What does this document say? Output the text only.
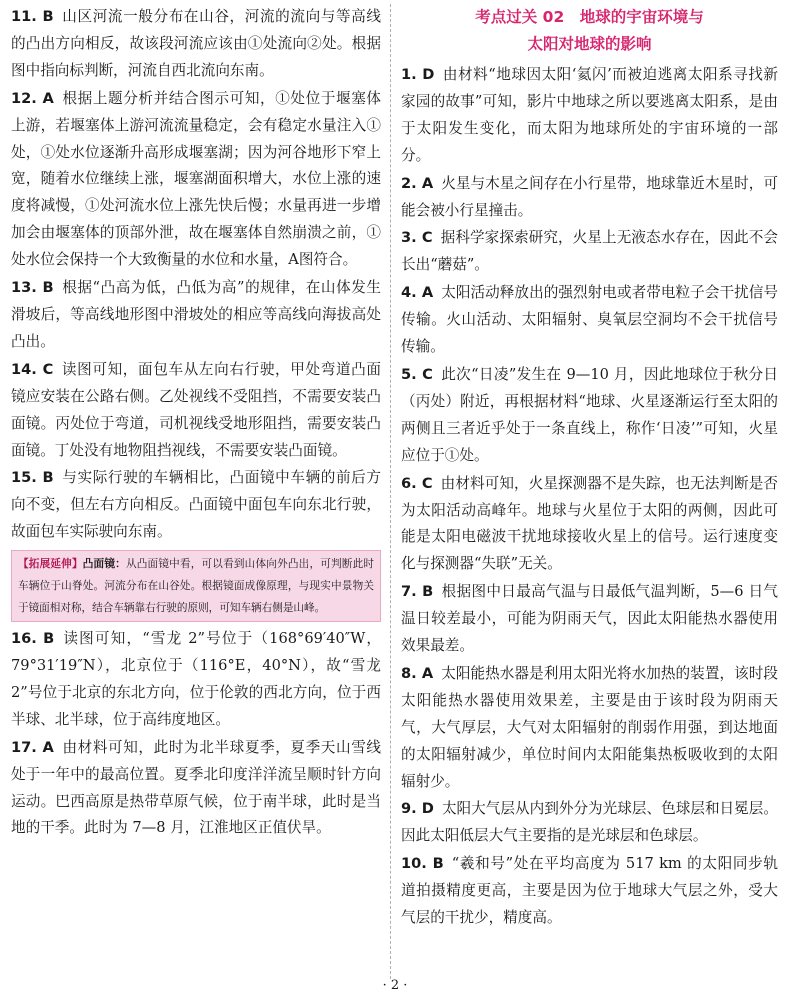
11. B 山区河流一般分布在山谷，河流的流向与等高线的凸出方向相反，故该段河流应该由①处流向②处。根据图中指向标判断，河流自西北流向东南。
12. A 根据上题分析并结合图示可知，①处位于堰塞体上游，若堰塞体上游河流流量稳定，会有稳定水量注入①处，①处水位逐渐升高形成堰塞湖；因为河谷地形下窄上宽，随着水位继续上涨，堰塞湖面积增大，水位上涨的速度将减慢，①处河流水位上涨先快后慢；水量再进一步增加会由堰塞体的顶部外泄，故在堰塞体自然崩溃之前，①处水位会保持一个大致衡量的水位和水量，A图符合。
13. B 根据“凸高为低，凸低为高”的规律，在山体发生滑坡后，等高线地形图中滑坡处的相应等高线向海拔高处凸出。
14. C 读图可知，面包车从左向右行驶，甲处弯道凸面镜应安装在公路右侧。乙处视线不受阻挡，不需要安装凸面镜。丙处位于弯道，司机视线受地形阻挡，需要安装凸面镜。丁处没有地物阻挡视线，不需要安装凸面镜。
15. B 与实际行驶的车辆相比，凸面镜中车辆的前后方向不变，但左右方向相反。凸面镜中面包车向东北行驶，故面包车实际驶向东南。
【拓展延伸】凸面镜：从凸面镜中看，可以看到山体向外凸出，可判断此时车辆位于山脊处。河流分布在山谷处。根据镜面成像原理，与现实中景物关于镜面相对称，结合车辆靠右行驶的原则，可知车辆右侧是山峰。
16. B 读图可知，“雪龙 2”号位于（168°69′40″W，79°31′19″N），北京位于（116°E，40°N），故“雪龙 2”号位于北京的东北方向，位于伦敦的西北方向，位于西半球、北半球，位于高纬度地区。
17. A 由材料可知，此时为北半球夏季，夏季天山雪线处于一年中的最高位置。夏季北印度洋洋流呈顺时针方向运动。巴西高原是热带草原气候，位于南半球，此时是当地的干季。此时为 7—8 月，江淮地区正值伏旱。
考点过关 02　地球的宇宙环境与
太阳对地球的影响
1. D 由材料“地球因太阳‘氦闪’而被迫逃离太阳系寻找新家园的故事”可知，影片中地球之所以要逃离太阳系，是由于太阳发生变化，而太阳为地球所处的宇宙环境的一部分。
2. A 火星与木星之间存在小行星带，地球靠近木星时，可能会被小行星撞击。
3. C 据科学家探索研究，火星上无液态水存在，因此不会长出“蘑菇”。
4. A 太阳活动释放出的强烈射电或者带电粒子会干扰信号传输。火山活动、太阳辐射、臭氧层空洞均不会干扰信号传输。
5. C 此次“日凌”发生在 9—10 月，因此地球位于秋分日（丙处）附近，再根据材料“地球、火星逐渐运行至太阳的两侧且三者近乎处于一条直线上，称作‘日凌’”可知，火星应位于①处。
6. C 由材料可知，火星探测器不是失踪，也无法判断是否为太阳活动高峰年。地球与火星位于太阳的两侧，因此可能是太阳电磁波干扰地球接收火星上的信号。运行速度变化与探测器“失联”无关。
7. B 根据图中日最高气温与日最低气温判断，5—6 日气温日较差最小，可能为阴雨天气，因此太阳能热水器使用效果最差。
8. A 太阳能热水器是利用太阳光将水加热的装置，该时段太阳能热水器使用效果差，主要是由于该时段为阴雨天气，大气厚层，大气对太阳辐射的削弱作用强，到达地面的太阳辐射减少，单位时间内太阳能集热板吸收到的太阳辐射少。
9. D 太阳大气层从内到外分为光球层、色球层和日冕层。因此太阳低层大气主要指的是光球层和色球层。
10. B “羲和号”处在平均高度为 517 km 的太阳同步轨道拍摄精度更高，主要是因为位于地球大气层之外，受大气层的干扰少，精度高。
· 2 ·
